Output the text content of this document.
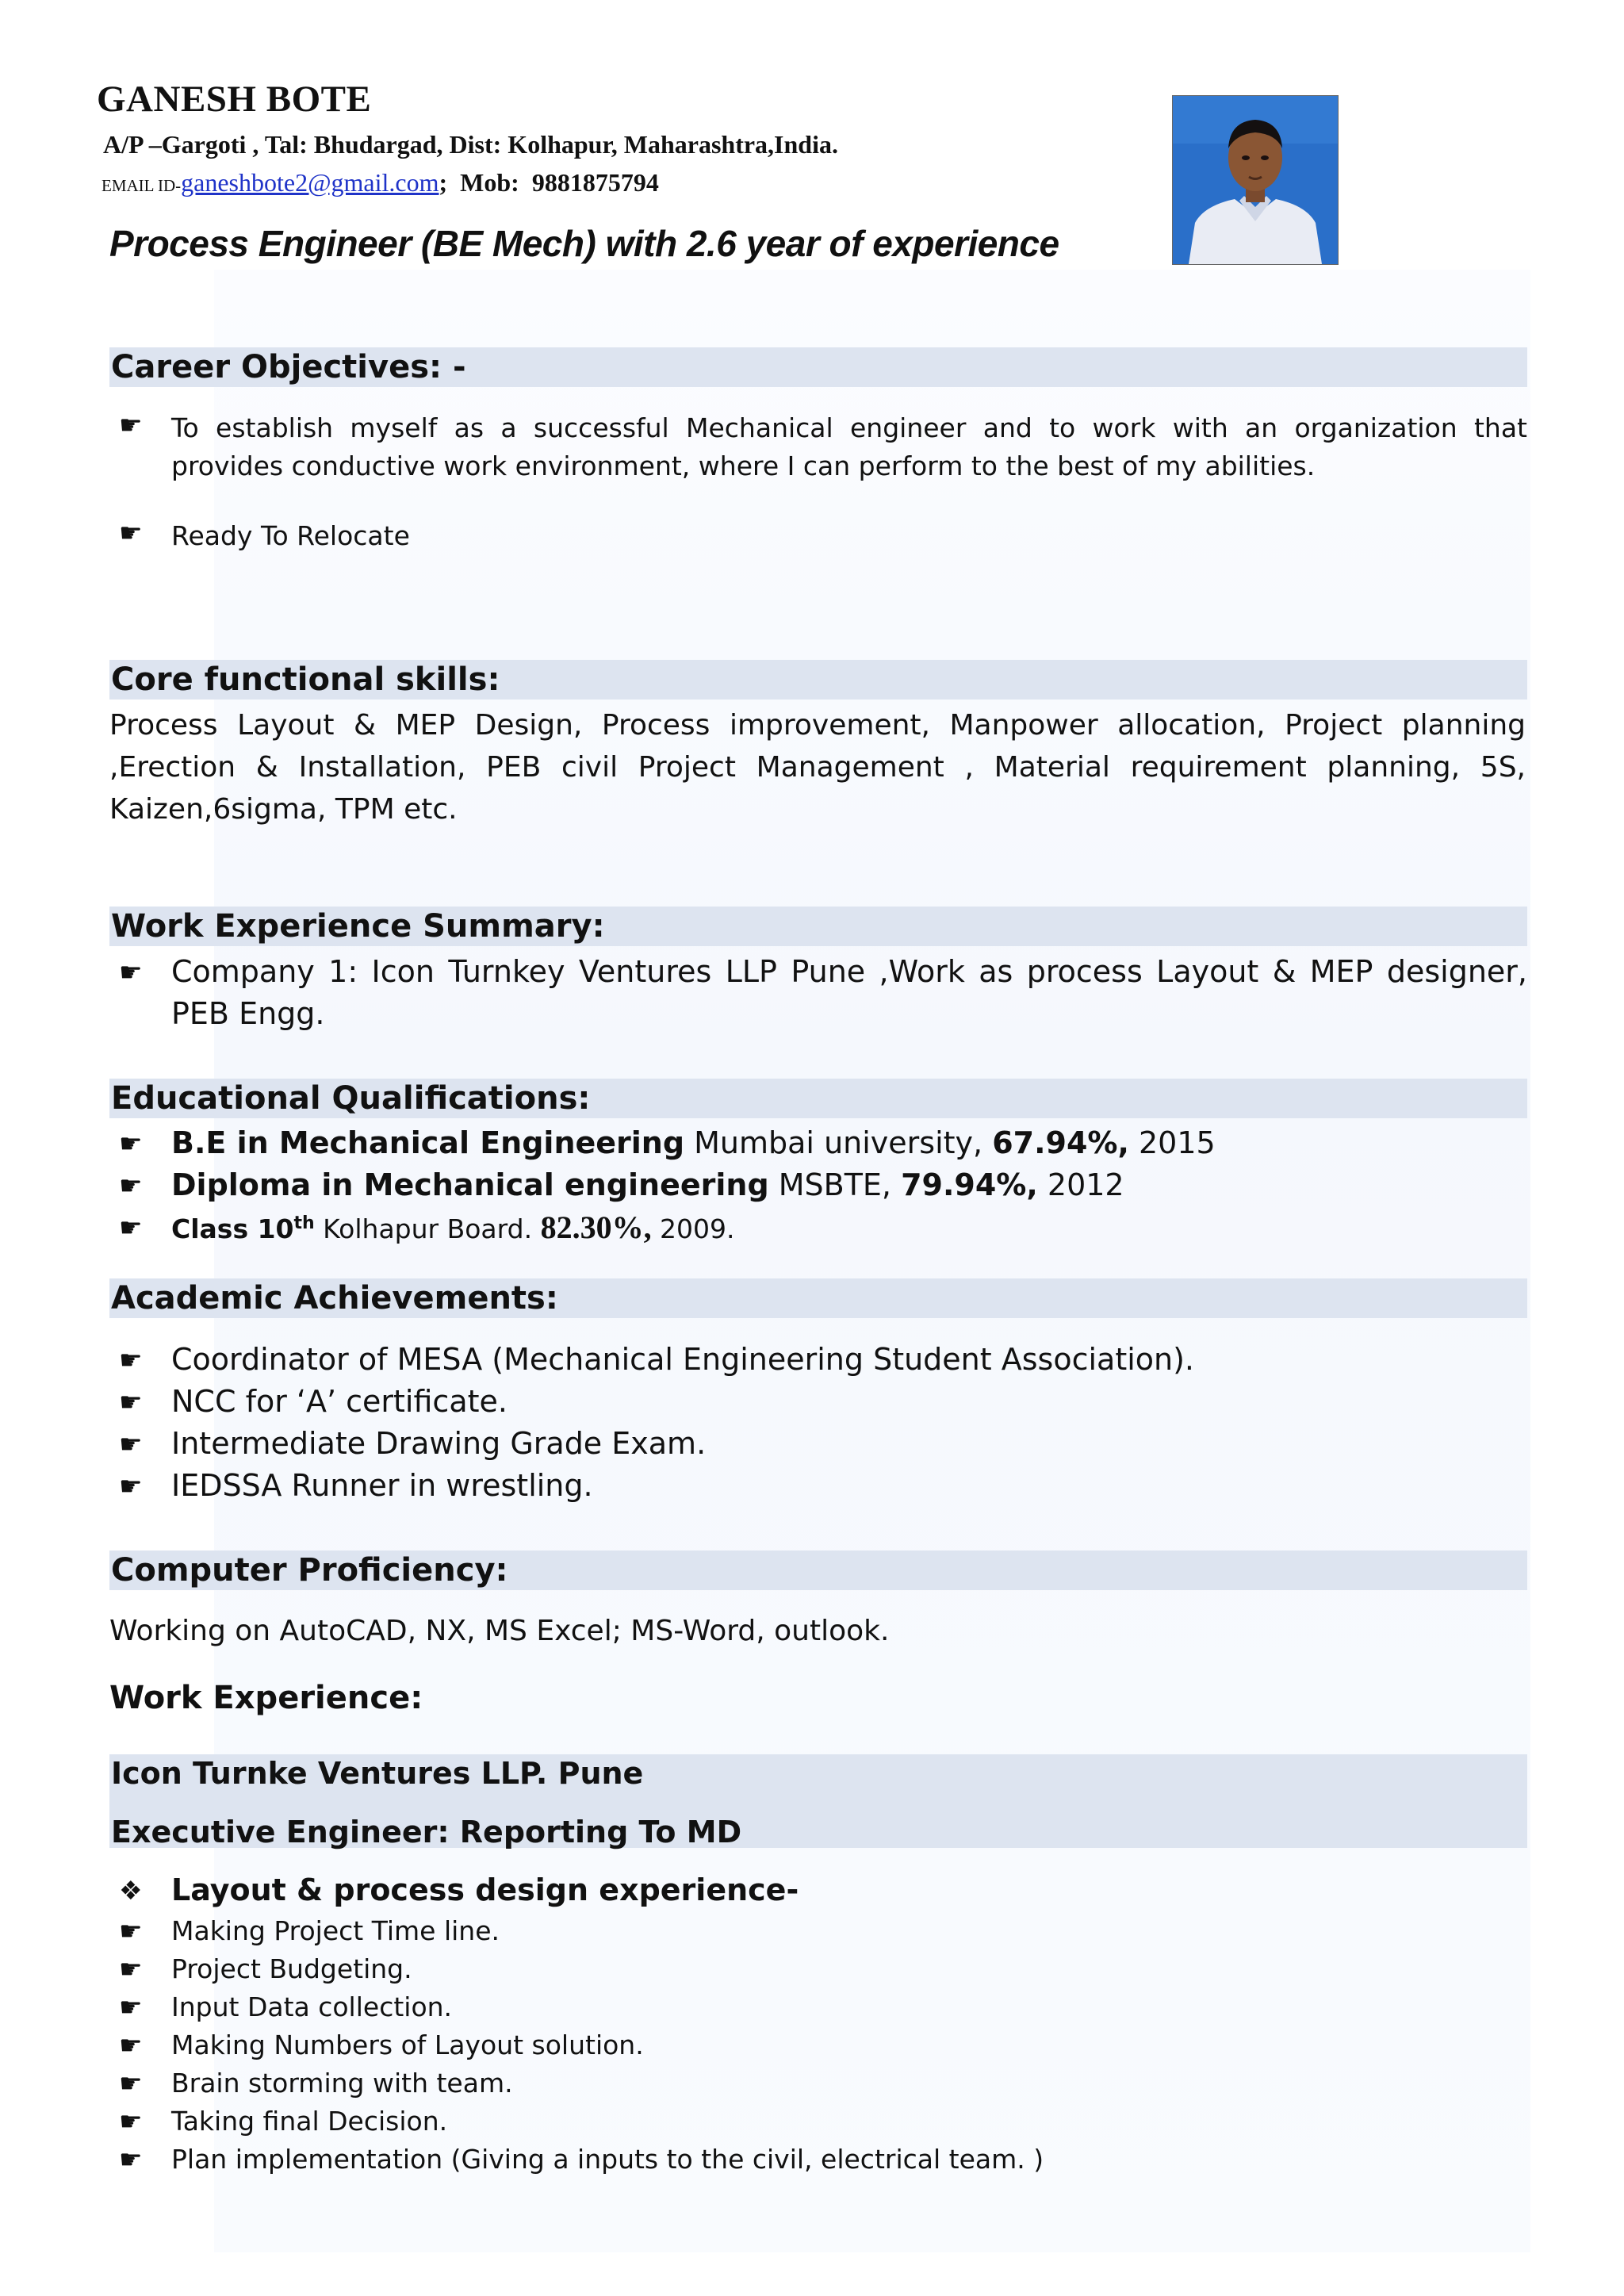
GANESH BOTE
A/P –Gargoti , Tal: Bhudargad, Dist: Kolhapur, Maharashtra,India.
EMAIL ID-ganeshbote2@gmail.com;  Mob:  9881875794
Process Engineer (BE Mech) with 2.6 year of experience
Career Objectives: -
☛ To establish myself as a successful Mechanical engineer and to work with an organization that provides conductive work environment, where I can perform to the best of my abilities.
☛ Ready To Relocate
Core functional skills:
Process Layout & MEP Design, Process improvement, Manpower allocation, Project planning ,Erection & Installation, PEB civil Project Management , Material requirement planning, 5S, Kaizen,6sigma, TPM etc.
Work Experience Summary:
☛ Company 1: Icon Turnkey Ventures LLP Pune ,Work as process Layout & MEP designer, PEB Engg.
Educational Qualifications:
☛ B.E in Mechanical Engineering Mumbai university, 67.94%, 2015
☛ Diploma in Mechanical engineering MSBTE, 79.94%, 2012
☛ Class 10th Kolhapur Board. 82.30%, 2009.
Academic Achievements:
☛ Coordinator of MESA (Mechanical Engineering Student Association).
☛ NCC for ‘A’ certificate.
☛ Intermediate Drawing Grade Exam.
☛ IEDSSA Runner in wrestling.
Computer Proficiency:
Working on AutoCAD, NX, MS Excel; MS-Word, outlook.
Work Experience:
Icon Turnke Ventures LLP. Pune
Executive Engineer: Reporting To MD
❖ Layout & process design experience-
☛ Making Project Time line.
☛ Project Budgeting.
☛ Input Data collection.
☛ Making Numbers of Layout solution.
☛ Brain storming with team.
☛ Taking final Decision.
☛ Plan implementation (Giving a inputs to the civil, electrical team. )
